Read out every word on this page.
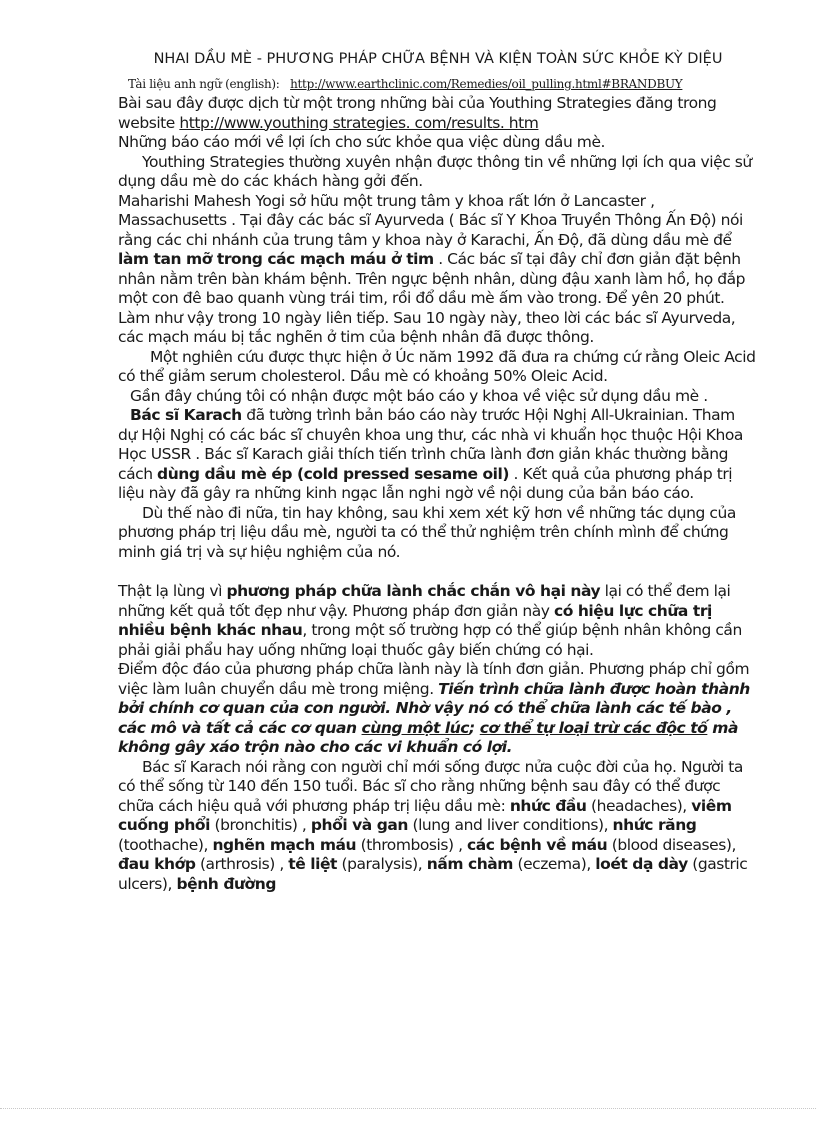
NHAI DẦU MÈ - PHƯƠNG PHÁP CHỮA BỆNH VÀ KIỆN TOÀN SỨC KHỎE KỲ DIỆU
Tài liệu anh ngữ (english): http://www.earthclinic.com/Remedies/oil_pulling.html#BRANDBUY

Bài sau đây được dịch từ một trong những bài của Youthing Strategies đăng trong website http://www.youthing strategies. com/results. htm

Những báo cáo mới về lợi ích cho sức khỏe qua việc dùng dầu mè.

Youthing Strategies thường xuyên nhận được thông tin về những lợi ích qua việc sử dụng dầu mè do các khách hàng gởi đến.

Maharishi Mahesh Yogi sở hữu một trung tâm y khoa rất lớn ở Lancaster , Massachusetts . Tại đây các bác sĩ Ayurveda ( Bác sĩ Y Khoa Truyền Thông Ấn Độ) nói rằng các chi nhánh của trung tâm y khoa này ở Karachi, Ấn Độ, đã dùng dầu mè để làm tan mỡ trong các mạch máu ở tim . Các bác sĩ tại đây chỉ đơn giản đặt bệnh nhân nằm trên bàn khám bệnh. Trên ngực bệnh nhân, dùng đậu xanh làm hồ, họ đắp một con đê bao quanh vùng trái tim, rồi đổ dầu mè ấm vào trong. Để yên 20 phút. Làm như vậy trong 10 ngày liên tiếp. Sau 10 ngày này, theo lời các bác sĩ Ayurveda, các mạch máu bị tắc nghẽn ở tim của bệnh nhân đã được thông.

Một nghiên cứu được thực hiện ở Úc năm 1992 đã đưa ra chứng cứ rằng Oleic Acid có thể giảm serum cholesterol. Dầu mè có khoảng 50% Oleic Acid.

Gần đây chúng tôi có nhận được một báo cáo y khoa về việc sử dụng dầu mè .

Bác sĩ Karach đã tường trình bản báo cáo này trước Hội Nghị All-Ukrainian. Tham dự Hội Nghị có các bác sĩ chuyên khoa ung thư, các nhà vi khuẩn học thuộc Hội Khoa Học USSR . Bác sĩ Karach giải thích tiến trình chữa lành đơn giản khác thường bằng cách dùng dầu mè ép (cold pressed sesame oil) . Kết quả của phương pháp trị liệu này đã gây ra những kinh ngạc lẫn nghi ngờ về nội dung của bản báo cáo.

Dù thế nào đi nữa, tin hay không, sau khi xem xét kỹ hơn về những tác dụng của phương pháp trị liệu dầu mè, người ta có thể thử nghiệm trên chính mình để chứng minh giá trị và sự hiệu nghiệm của nó.

Thật lạ lùng vì phương pháp chữa lành chắc chắn vô hại này lại có thể đem lại những kết quả tốt đẹp như vậy. Phương pháp đơn giản này có hiệu lực chữa trị nhiều bệnh khác nhau, trong một số trường hợp có thể giúp bệnh nhân không cần phải giải phẩu hay uống những loại thuốc gây biến chứng có hại.

Điểm độc đáo của phương pháp chữa lành này là tính đơn giản. Phương pháp chỉ gồm việc làm luân chuyển dầu mè trong miệng. Tiến trình chữa lành được hoàn thành bởi chính cơ quan của con người. Nhờ vậy nó có thể chữa lành các tế bào , các mô và tất cả các cơ quan cùng một lúc; cơ thể tự loại trừ các độc tố mà không gây xáo trộn nào cho các vi khuẩn có lợi.

Bác sĩ Karach nói rằng con người chỉ mới sống được nửa cuộc đời của họ. Người ta có thể sống từ 140 đến 150 tuổi. Bác sĩ cho rằng những bệnh sau đây có thể được chữa cách hiệu quả với phương pháp trị liệu dầu mè: nhức đầu (headaches), viêm cuống phổi (bronchitis) , phổi và gan (lung and liver conditions), nhức răng (toothache), nghẽn mạch máu (thrombosis) , các bệnh về máu (blood diseases), đau khớp (arthrosis) , tê liệt (paralysis), nấm chàm (eczema), loét dạ dày (gastric ulcers), bệnh đường
